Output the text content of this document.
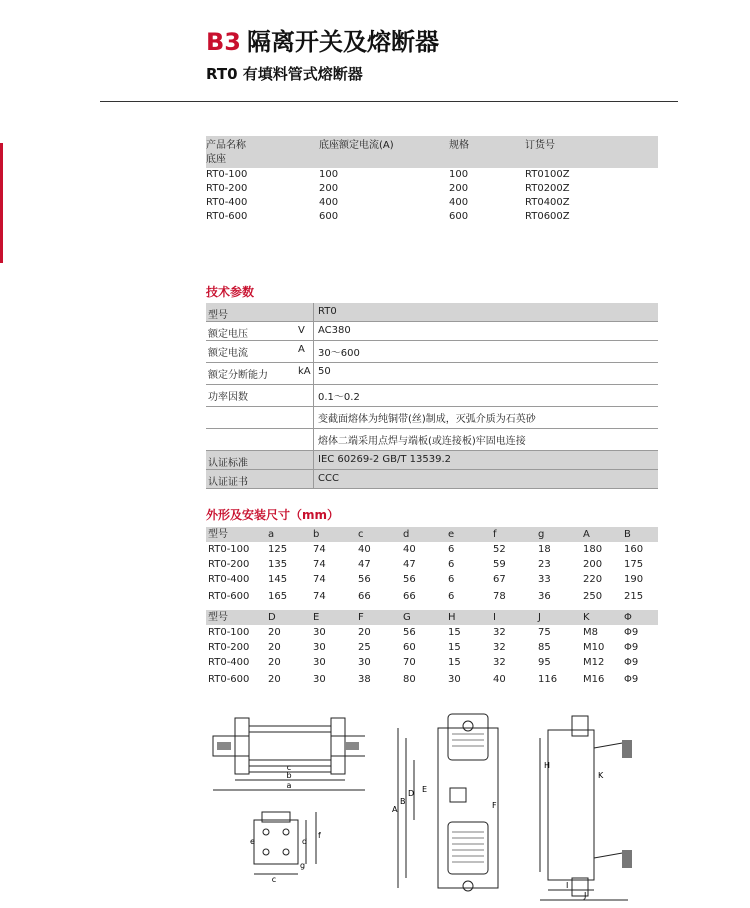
B3 隔离开关及熔断器
RT0 有填料管式熔断器
产品名称
底座
底座额定电流(A)	规格	订货号
RT0-100	100	100	RT0100Z
RT0-200	200	200	RT0200Z
RT0-400	400	400	RT0400Z
RT0-600	600	600	RT0600Z
技术参数
型号	RT0
额定电压	V AC380
额定电流	A 30～600
额定分断能力	kA 50
功率因数	0.1～0.2
变截面熔体为纯铜带(丝)制成，灭弧介质为石英砂
熔体二端采用点焊与端板(或连接板)牢固电连接
认证标准	IEC 60269-2 GB/T 13539.2
认证证书	CCC
外形及安装尺寸（mm）
型号	a	b	c	d	e	f	g	A	B
RT0-100 125	74	40	40	6	52	18	180 160
RT0-200 135	74	47	47	6	59	23	200 175
RT0-400 145	74	56	56	6	67	33	220 190
RT0-600 165	74	66	66	6	78	36	250 215
型号	D	E	F	G	H	I	J	K	Φ
RT0-100 20	30	20	56	15	32	75	M8	Φ9
RT0-200 20	30	25	60	15	32	85	M10 Φ9
RT0-400 20	30	30	70	15	32	95	M12 Φ9
RT0-600 20	30	38	80	30	40	116	M16 Φ9
c
b
a
c
d
e
f
g
A
B
D E
F
H
K
I
J
